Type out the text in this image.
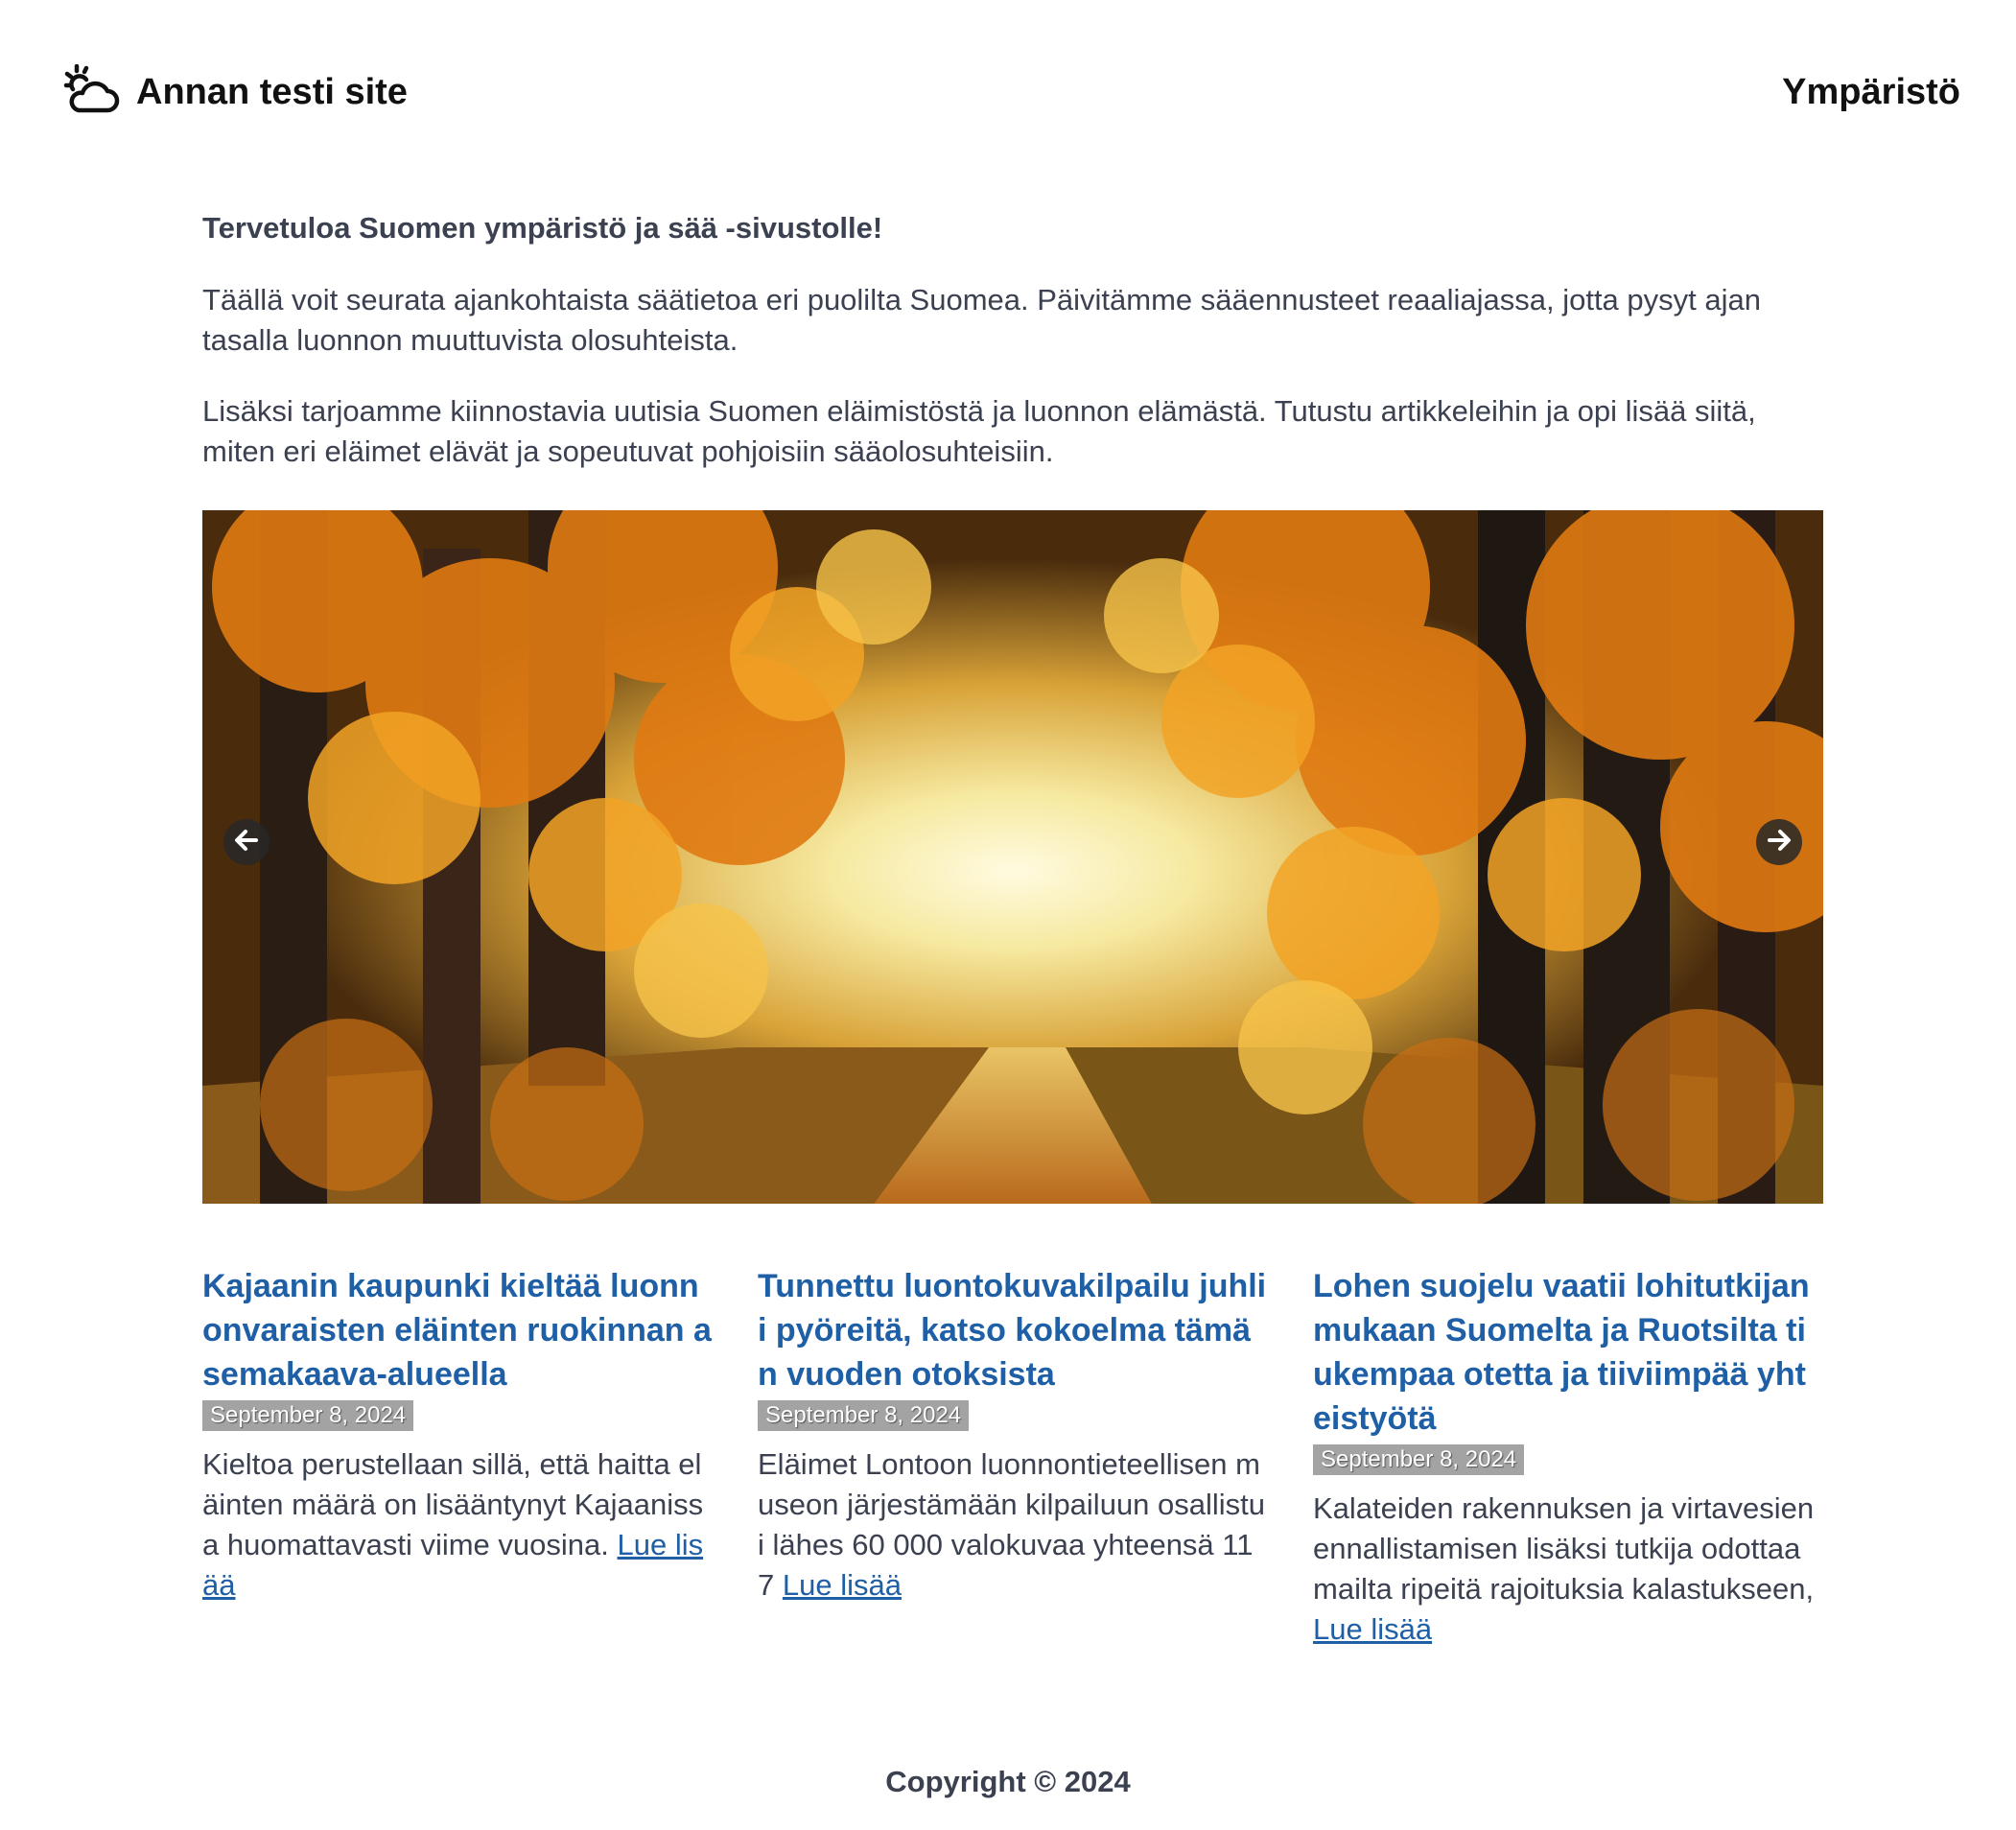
Annan testi site	Ympäristö

Tervetuloa Suomen ympäristö ja sää -sivustolle!

Täällä voit seurata ajankohtaista säätietoa eri puolilta Suomea. Päivitämme sääennusteet reaaliajassa, jotta pysyt ajan tasalla luonnon muuttuvista olosuhteista.

Lisäksi tarjoamme kiinnostavia uutisia Suomen eläimistöstä ja luonnon elämästä. Tutustu artikkeleihin ja opi lisää siitä, miten eri eläimet elävät ja sopeutuvat pohjoisiin sääolosuhteisiin.

Kajaanin kaupunki kieltää luonnonvaraisten eläinten ruokinnan asemakaava-alueella
September 8, 2024

Kieltoa perustellaan sillä, että haitta eläinten määrä on lisääntynyt Kajaanissa huomattavasti viime vuosina. Lue lisää

Tunnettu luontokuvakilpailu juhlii pyöreitä, katso kokoelma tämän vuoden otoksista
September 8, 2024

Eläimet Lontoon luonnontieteellisen museon järjestämään kilpailuun osallistui lähes 60 000 valokuvaa yhteensä 117 Lue lisää

Lohen suojelu vaatii lohitutkijan mukaan Suomelta ja Ruotsilta tiukempaa otetta ja tiiviimpää yhteistyötä
September 8, 2024

Kalateiden rakennuksen ja virtavesien ennallistamisen lisäksi tutkija odottaa mailta ripeitä rajoituksia kalastukseen, Lue lisää

Copyright © 2024
